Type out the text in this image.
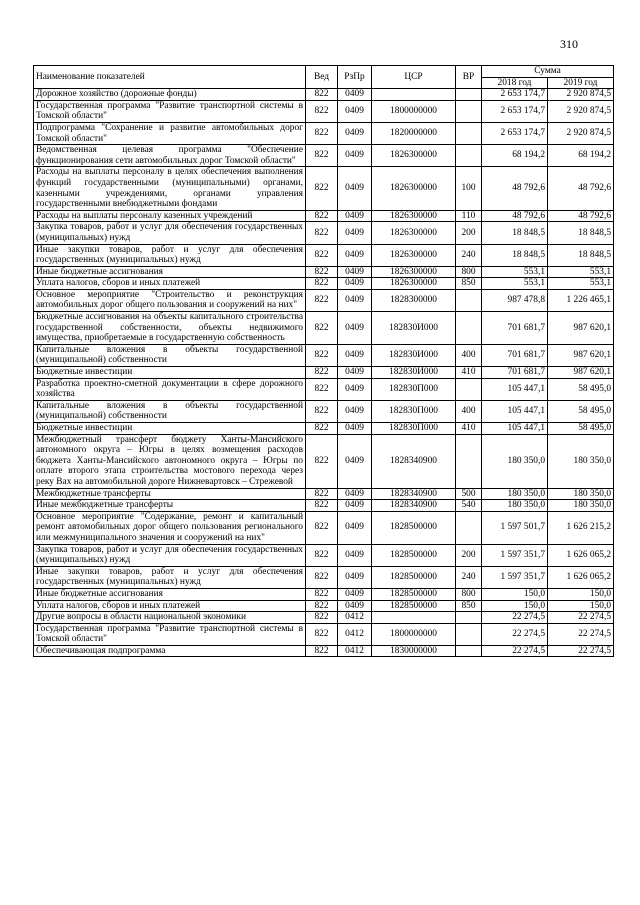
310
Наименование показателей	Вед	РзПр	ЦСР	ВР	Сумма	
					2018 год	2019 год
Дорожное хозяйство (дорожные фонды)	822	0409			2 653 174,7	2 920 874,5
Государственная программа "Развитие транспортной системы в Томской области"	822	0409	1800000000		2 653 174,7	2 920 874,5
Подпрограмма "Сохранение и развитие автомобильных дорог Томской области"	822	0409	1820000000		2 653 174,7	2 920 874,5
Ведомственная целевая программа "Обеспечение функционирования сети автомобильных дорог Томской области"	822	0409	1826300000		68 194,2	68 194,2
Расходы на выплаты персоналу в целях обеспечения выполнения функций государственными (муниципальными) органами, казенными учреждениями, органами управления государственными внебюджетными фондами	822	0409	1826300000	100	48 792,6	48 792,6
Расходы на выплаты персоналу казенных учреждений	822	0409	1826300000	110	48 792,6	48 792,6
Закупка товаров, работ и услуг для обеспечения государственных (муниципальных) нужд	822	0409	1826300000	200	18 848,5	18 848,5
Иные закупки товаров, работ и услуг для обеспечения государственных (муниципальных) нужд	822	0409	1826300000	240	18 848,5	18 848,5
Иные бюджетные ассигнования	822	0409	1826300000	800	553,1	553,1
Уплата налогов, сборов и иных платежей	822	0409	1826300000	850	553,1	553,1
Основное мероприятие "Строительство и реконструкция автомобильных дорог общего пользования и сооружений на них"	822	0409	1828300000		987 478,8	1 226 465,1
Бюджетные ассигнования на объекты капитального строительства государственной собственности, объекты недвижимого имущества, приобретаемые в государственную собственность	822	0409	182830И000		701 681,7	987 620,1
Капитальные вложения в объекты государственной (муниципальной) собственности	822	0409	182830И000	400	701 681,7	987 620,1
Бюджетные инвестиции	822	0409	182830И000	410	701 681,7	987 620,1
Разработка проектно-сметной документации в сфере дорожного хозяйства	822	0409	182830П000		105 447,1	58 495,0
Капитальные вложения в объекты государственной (муниципальной) собственности	822	0409	182830П000	400	105 447,1	58 495,0
Бюджетные инвестиции	822	0409	182830П000	410	105 447,1	58 495,0
Межбюджетный трансферт бюджету Ханты-Мансийского автономного округа – Югры в целях возмещения расходов бюджета Ханты-Мансийского автономного округа – Югры по оплате второго этапа строительства мостового перехода через реку Вах на автомобильной дороге Нижневартовск – Стрежевой	822	0409	1828340900		180 350,0	180 350,0
Межбюджетные трансферты	822	0409	1828340900	500	180 350,0	180 350,0
Иные межбюджетные трансферты	822	0409	1828340900	540	180 350,0	180 350,0
Основное мероприятие "Содержание, ремонт и капитальный ремонт автомобильных дорог общего пользования регионального или межмуниципального значения и сооружений на них"	822	0409	1828500000		1 597 501,7	1 626 215,2
Закупка товаров, работ и услуг для обеспечения государственных (муниципальных) нужд	822	0409	1828500000	200	1 597 351,7	1 626 065,2
Иные закупки товаров, работ и услуг для обеспечения государственных (муниципальных) нужд	822	0409	1828500000	240	1 597 351,7	1 626 065,2
Иные бюджетные ассигнования	822	0409	1828500000	800	150,0	150,0
Уплата налогов, сборов и иных платежей	822	0409	1828500000	850	150,0	150,0
Другие вопросы в области национальной экономики	822	0412			22 274,5	22 274,5
Государственная программа "Развитие транспортной системы в Томской области"	822	0412	1800000000		22 274,5	22 274,5
Обеспечивающая подпрограмма	822	0412	1830000000		22 274,5	22 274,5
